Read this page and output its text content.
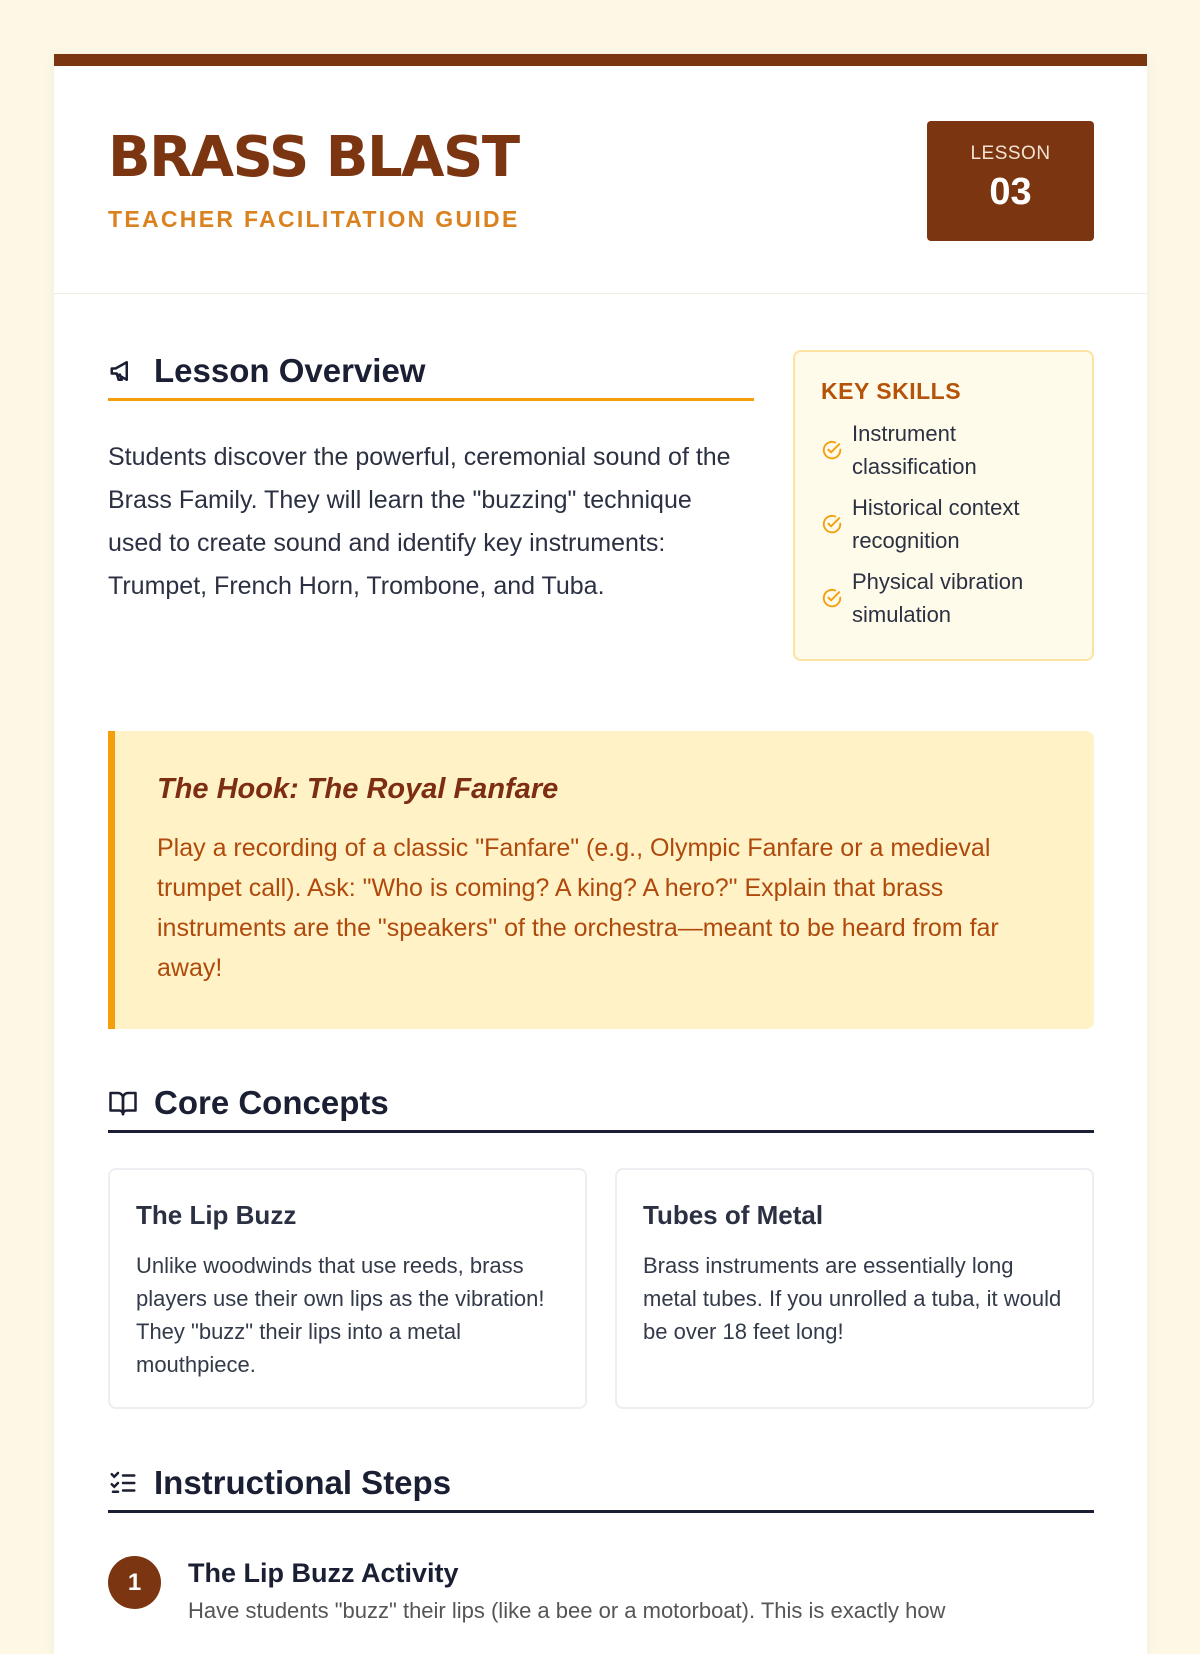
BRASS BLAST
TEACHER FACILITATION GUIDE
LESSON
03
Lesson Overview

Students discover the powerful, ceremonial sound of the Brass Family. They will learn the "buzzing" technique used to create sound and identify key instruments: Trumpet, French Horn, Trombone, and Tuba.

KEY SKILLS
Instrument classification
Historical context recognition
Physical vibration simulation
The Hook: The Royal Fanfare
Play a recording of a classic "Fanfare" (e.g., Olympic Fanfare or a medieval trumpet call). Ask: "Who is coming? A king? A hero?" Explain that brass instruments are the "speakers" of the orchestra—meant to be heard from far away!
Core Concepts
The Lip Buzz

Unlike woodwinds that use reeds, brass players use their own lips as the vibration! They "buzz" their lips into a metal mouthpiece.

Tubes of Metal

Brass instruments are essentially long metal tubes. If you unrolled a tuba, it would be over 18 feet long!

Instructional Steps
1	The Lip Buzz Activity
Have students "buzz" their lips (like a bee or a motorboat). This is exactly how
